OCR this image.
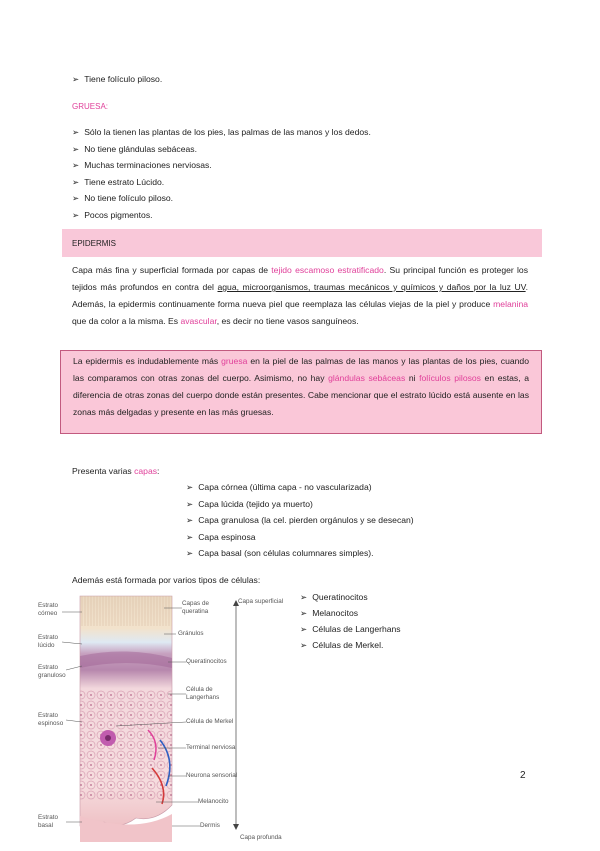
➢ Tiene folículo piloso.
GRUESA:
➢ Sólo la tienen las plantas de los pies, las palmas de las manos y los dedos.
➢ No tiene glándulas sebáceas.
➢ Muchas terminaciones nerviosas.
➢ Tiene estrato Lúcido.
➢ No tiene folículo piloso.
➢ Pocos pigmentos.
EPIDERMIS
Capa más fina y superficial formada por capas de tejido escamoso estratificado. Su principal función es proteger los tejidos más profundos en contra del agua, microorganismos, traumas mecánicos y químicos y daños por la luz UV. Además, la epidermis continuamente forma nueva piel que reemplaza las células viejas de la piel y produce melanina que da color a la misma. Es avascular, es decir no tiene vasos sanguíneos.
La epidermis es indudablemente más gruesa en la piel de las palmas de las manos y las plantas de los pies, cuando las comparamos con otras zonas del cuerpo. Asimismo, no hay glándulas sebáceas ni folículos pilosos en estas, a diferencia de otras zonas del cuerpo donde están presentes. Cabe mencionar que el estrato lúcido está ausente en las zonas más delgadas y presente en las más gruesas.
Presenta varias capas:
➢ Capa córnea (última capa - no vascularizada)
➢ Capa lúcida (tejido ya muerto)
➢ Capa granulosa (la cel. pierden orgánulos y se desecan)
➢ Capa espinosa
➢ Capa basal (son células columnares simples).
Además está formada por varios tipos de células:
➢ Queratinocitos
➢ Melanocitos
➢ Células de Langerhans
➢ Células de Merkel.
Estrato córneo
Estrato lúcido
Estrato granuloso
Estrato espinoso
Estrato basal
Capas de queratina
Gránulos
Queratinocitos
Célula de Langerhans
Célula de Merkel
Terminal nerviosa
Neurona sensorial
Melanocito
Dermis
Capa superficial
Capa profunda
2
